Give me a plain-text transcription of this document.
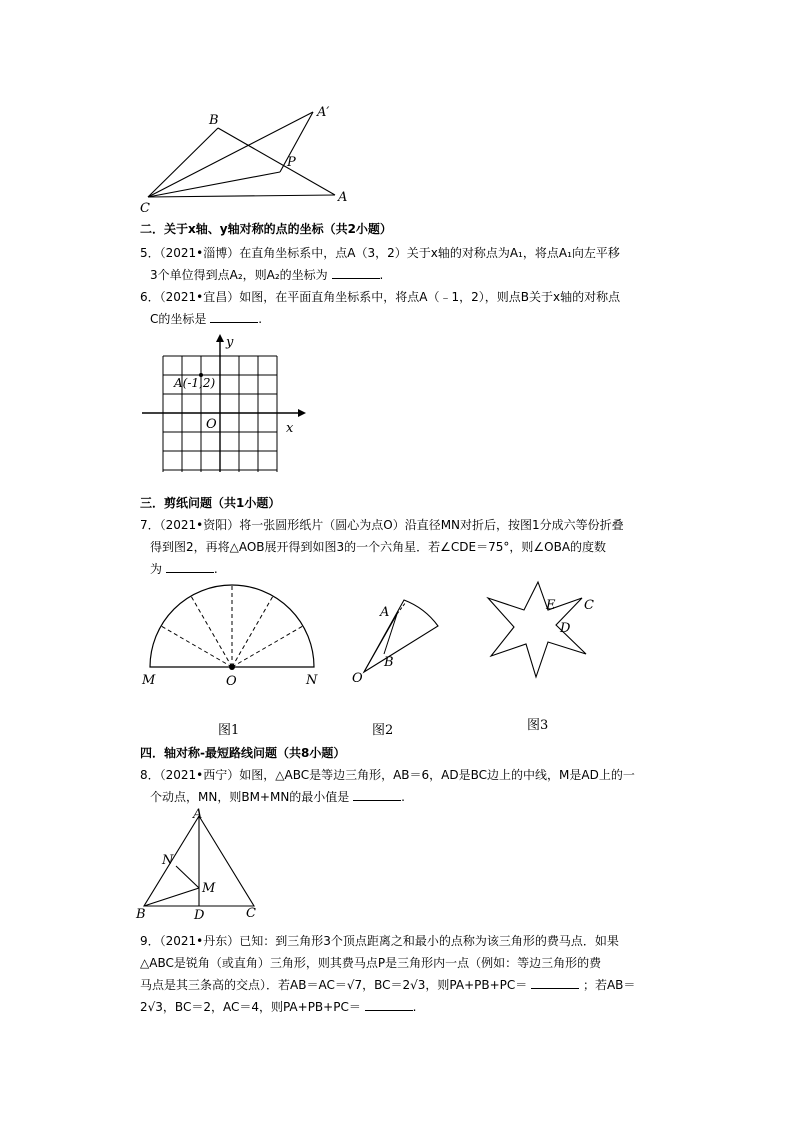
B
A′
P
C
A
二．关于x轴、y轴对称的点的坐标（共2小题）
5．（2021•淄博）在直角坐标系中，点A（3，2）关于x轴的对称点为A₁，将点A₁向左平移
3个单位得到点A₂，则A₂的坐标为	.
6．（2021•宜昌）如图，在平面直角坐标系中，将点A（﹣1，2），则点B关于x轴的对称点
C的坐标是	.
A(-1,2)
O	x
y
三．剪纸问题（共1小题）
7．（2021•资阳）将一张圆形纸片（圆心为点O）沿直径MN对折后，按图1分成六等份折叠
得到图2，再将△AOB展开得到如图3的一个六角星．若∠CDE＝75°，则∠OBA的度数
为	.
M	O	N
A
B
O
E C
D
图1	图2	图3
四．轴对称-最短路线问题（共8小题）
8．（2021•西宁）如图，△ABC是等边三角形，AB＝6，AD是BC边上的中线，M是AD上的一
个动点，MN，则BM+MN的最小值是	.
A
N
M
B	D	C
9．（2021•丹东）已知：到三角形3个顶点距离之和最小的点称为该三角形的费马点．如果
△ABC是锐角（或直角）三角形，则其费马点P是三角形内一点（例如：等边三角形的费
马点是其三条高的交点）．若AB＝AC＝√7，BC＝2√3，则PA+PB+PC＝	；若AB＝
2√3，BC＝2，AC＝4，则PA+PB+PC＝	.
